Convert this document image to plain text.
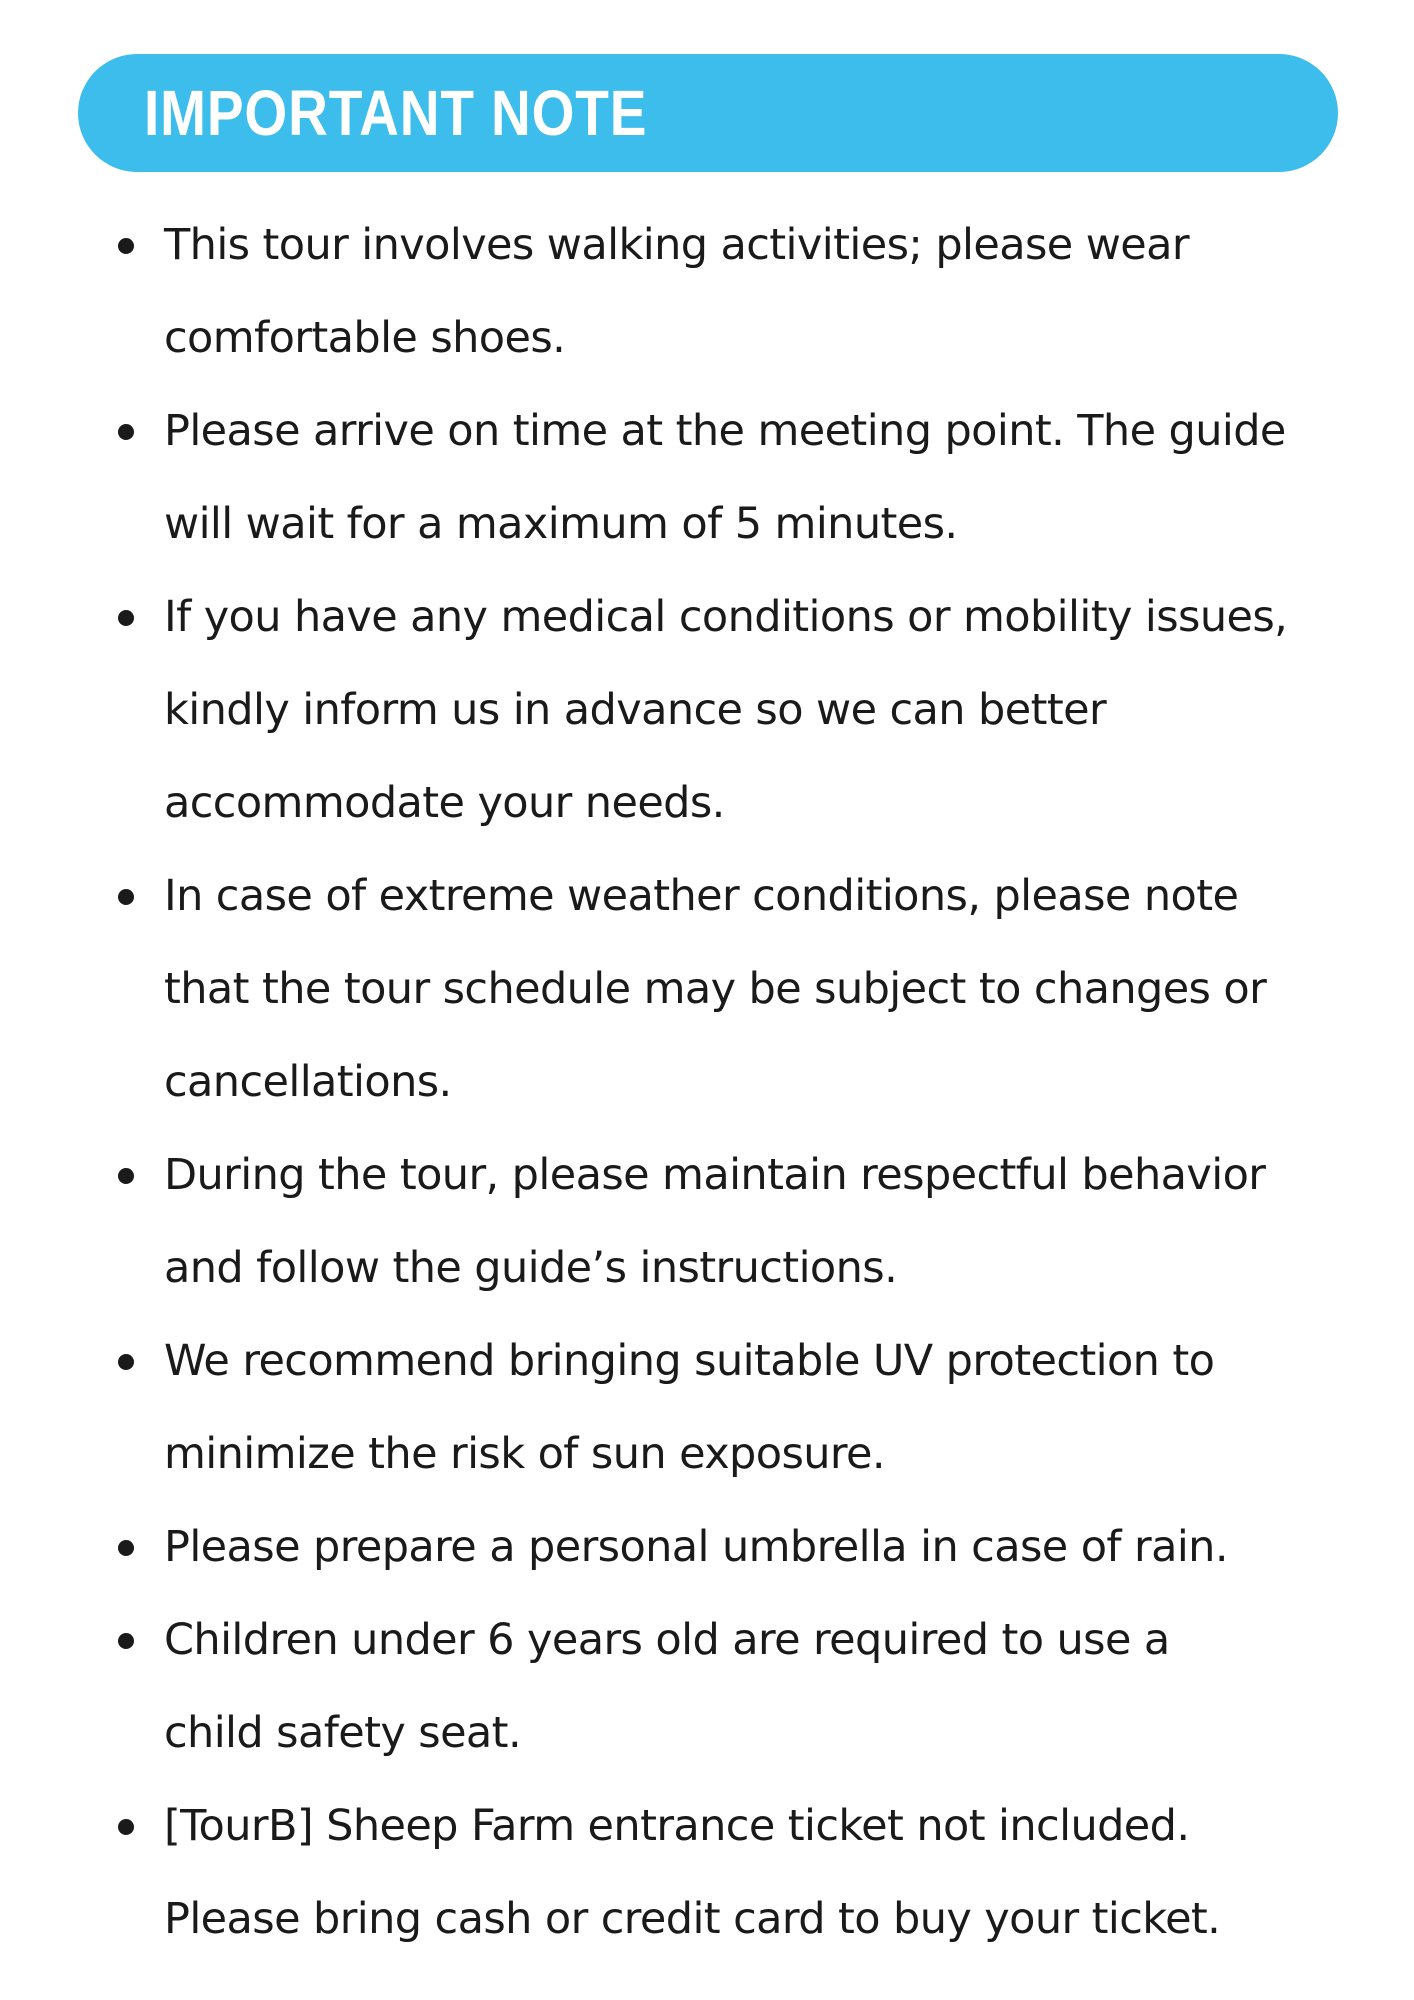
IMPORTANT NOTE
This tour involves walking activities; please wear
comfortable shoes.
Please arrive on time at the meeting point. The guide
will wait for a maximum of 5 minutes.
If you have any medical conditions or mobility issues,
kindly inform us in advance so we can better
accommodate your needs.
In case of extreme weather conditions, please note
that the tour schedule may be subject to changes or
cancellations.
During the tour, please maintain respectful behavior
and follow the guide’s instructions.
We recommend bringing suitable UV protection to
minimize the risk of sun exposure.
Please prepare a personal umbrella in case of rain.
Children under 6 years old are required to use a
child safety seat.
[TourB] Sheep Farm entrance ticket not included.
Please bring cash or credit card to buy your ticket.
